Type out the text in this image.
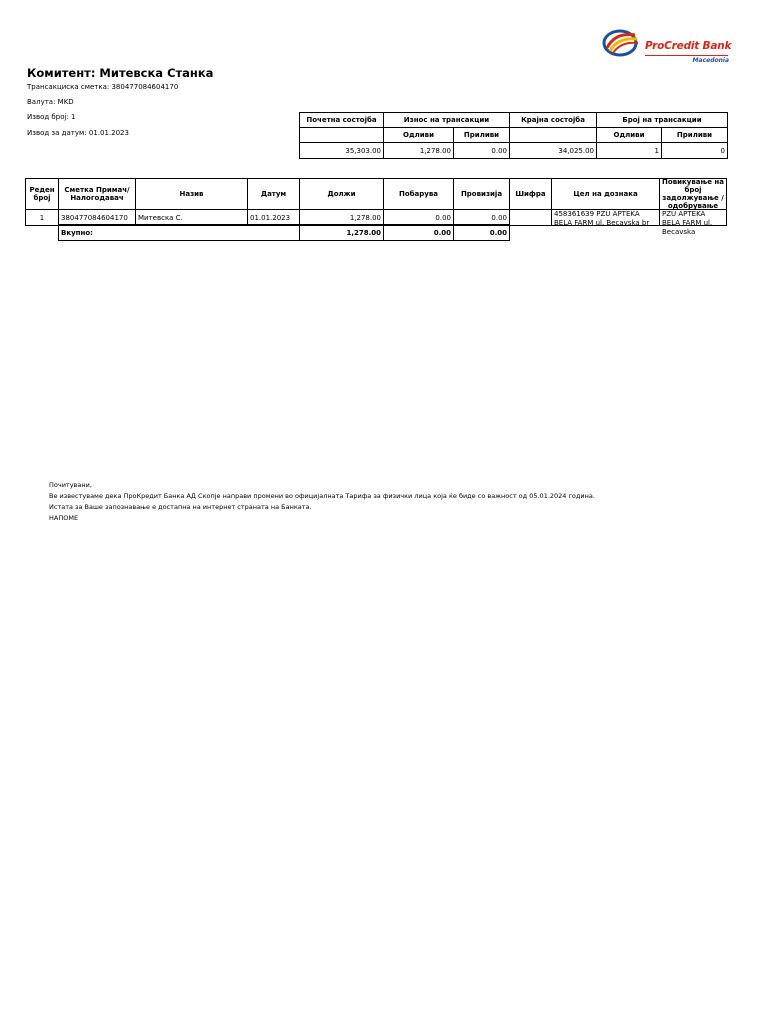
ProCredit Bank
Macedonia
Комитент: Митевска Станка
Трансакциска сметка: 380477084604170
Валута: MKD
Извод број: 1
Извод за датум: 01.01.2023
Почетна состојба	Износ на трансакции	Крајна состојба	Број на трансакции
	Одливи	Приливи		Одливи	Приливи
35,303.00	1,278.00	0.00	34,025.00	1	0
Реден број	Сметка Примач/ Налогодавач	Назив	Датум	Должи	Побарува	Провизија	Шифра	Цел на дознака	Повикување на број задолжување / одобрување

1	380477084604170	Митевска С.	01.01.2023	1,278.00	0.00	0.00		458361639 PZU APTEKA BELA FARM ul. Becavska br	PZU APTEKA BELA FARM ul. Becavska
Вкупно:	1,278.00	0.00	0.00
Почитувани,
Ве известуваме дека ПроКредит Банка АД Скопје направи промени во официјалната Тарифа за физички лица која ќе биде со важност од 05.01.2024 година.
Истата за Ваше запознавање е достапна на интернет страната на Банката.
НАПОМЕ
